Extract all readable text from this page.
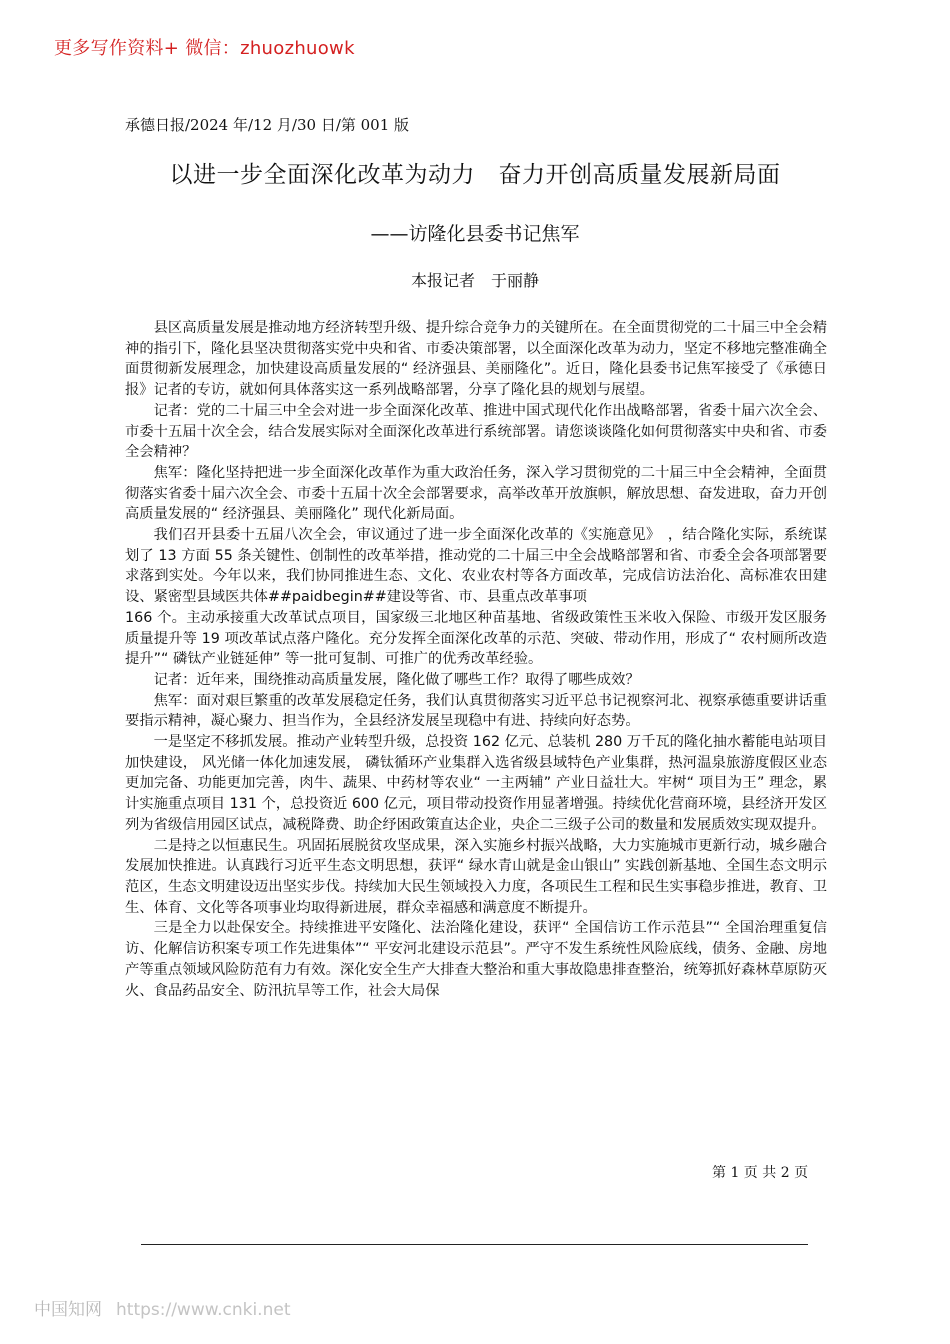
更多写作资料+ 微信：zhuozhuowk
承德日报/2024 年/12 月/30 日/第 001 版
以进一步全面深化改革为动力　奋力开创高质量发展新局面
——访隆化县委书记焦军
本报记者　于丽静

县区高质量发展是推动地方经济转型升级、提升综合竞争力的关键所在。在全面贯彻党的二十届三中全会精神的指引下，隆化县坚决贯彻落实党中央和省、市委决策部署，以全面深化改革为动力，坚定不移地完整准确全面贯彻新发展理念，加快建设高质量发展的“ 经济强县、美丽隆化”。近日，隆化县委书记焦军接受了《承德日报》记者的专访，就如何具体落实这一系列战略部署，分享了隆化县的规划与展望。

记者：党的二十届三中全会对进一步全面深化改革、推进中国式现代化作出战略部署，省委十届六次全会、市委十五届十次全会，结合发展实际对全面深化改革进行系统部署。请您谈谈隆化如何贯彻落实中央和省、市委全会精神？

焦军：隆化坚持把进一步全面深化改革作为重大政治任务，深入学习贯彻党的二十届三中全会精神，全面贯彻落实省委十届六次全会、市委十五届十次全会部署要求，高举改革开放旗帜，解放思想、奋发进取，奋力开创高质量发展的“ 经济强县、美丽隆化” 现代化新局面。

我们召开县委十五届八次全会，审议通过了进一步全面深化改革的《实施意见》　，结合隆化实际，系统谋划了 13 方面 55 条关键性、创制性的改革举措，推动党的二十届三中全会战略部署和省、市委全会各项部署要求落到实处。今年以来，我们协同推进生态、文化、农业农村等各方面改革，完成信访法治化、高标准农田建设、紧密型县域医共体##paidbegin##建设等省、市、县重点改革事项

166 个。主动承接重大改革试点项目，国家级三北地区种苗基地、省级政策性玉米收入保险、市级开发区服务质量提升等 19 项改革试点落户隆化。充分发挥全面深化改革的示范、突破、带动作用，形成了“ 农村厕所改造提升”“ 磷钛产业链延伸” 等一批可复制、可推广的优秀改革经验。

记者：近年来，围绕推动高质量发展，隆化做了哪些工作？取得了哪些成效？

焦军：面对艰巨繁重的改革发展稳定任务，我们认真贯彻落实习近平总书记视察河北、视察承德重要讲话重要指示精神，凝心聚力、担当作为，全县经济发展呈现稳中有进、持续向好态势。

一是坚定不移抓发展。推动产业转型升级，总投资 162 亿元、总装机 280 万千瓦的隆化抽水蓄能电站项目加快建设， 风光储一体化加速发展， 磷钛循环产业集群入选省级县域特色产业集群，热河温泉旅游度假区业态更加完备、功能更加完善，肉牛、蔬果、中药材等农业“ 一主两辅” 产业日益壮大。牢树“ 项目为王” 理念，累计实施重点项目 131 个，总投资近 600 亿元，项目带动投资作用显著增强。持续优化营商环境，县经济开发区列为省级信用园区试点，减税降费、助企纾困政策直达企业，央企二三级子公司的数量和发展质效实现双提升。

二是持之以恒惠民生。巩固拓展脱贫攻坚成果，深入实施乡村振兴战略，大力实施城市更新行动，城乡融合发展加快推进。认真践行习近平生态文明思想，获评“ 绿水青山就是金山银山” 实践创新基地、全国生态文明示范区，生态文明建设迈出坚实步伐。持续加大民生领域投入力度，各项民生工程和民生实事稳步推进，教育、卫生、体育、文化等各项事业均取得新进展，群众幸福感和满意度不断提升。

三是全力以赴保安全。持续推进平安隆化、法治隆化建设，获评“ 全国信访工作示范县”“ 全国治理重复信访、化解信访积案专项工作先进集体”“ 平安河北建设示范县”。严守不发生系统性风险底线，债务、金融、房地产等重点领域风险防范有力有效。深化安全生产大排查大整治和重大事故隐患排查整治，统筹抓好森林草原防灭火、食品药品安全、防汛抗旱等工作，社会大局保

第 1 页 共 2 页
中国知网 https://www.cnki.net
